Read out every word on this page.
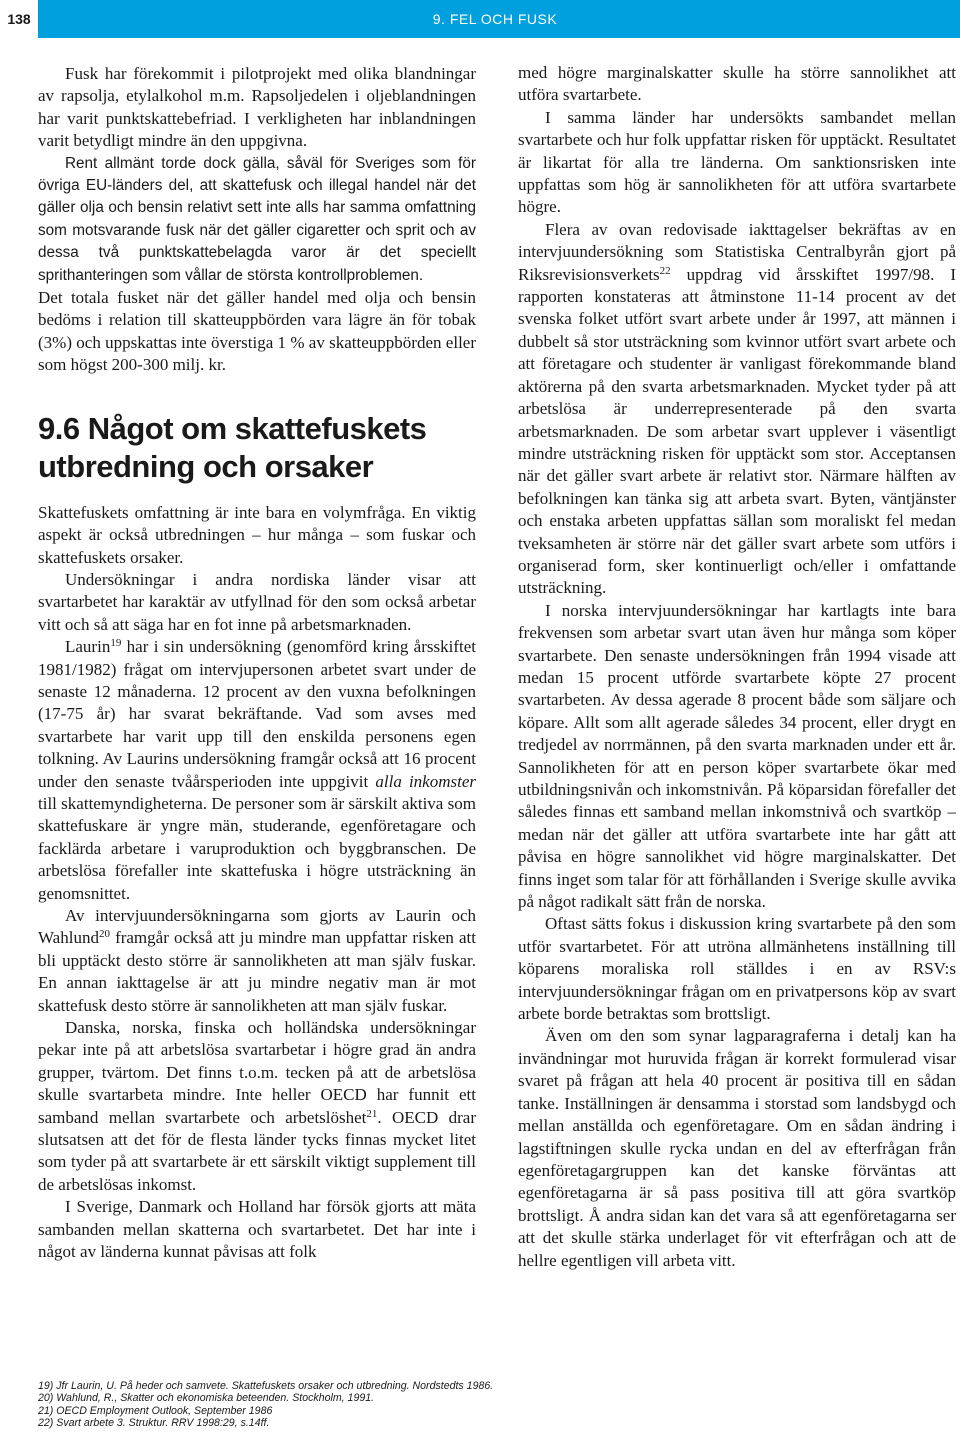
9. FEL OCH FUSK
138

Fusk har förekommit i pilotprojekt med olika blandningar av rapsolja, etylalkohol m.m. Rapsoljedelen i oljeblandningen har varit punktskattebefriad. I verkligheten har inblandningen varit betydligt mindre än den uppgivna.

Rent allmänt torde dock gälla, såväl för Sveriges som för övriga EU-länders del, att skattefusk och illegal handel när det gäller olja och bensin relativt sett inte alls har samma omfattning som motsvarande fusk när det gäller cigaretter och sprit och av dessa två punktskattebelagda varor är det speciellt sprithanteringen som vållar de största kontrollproblemen.

Det totala fusket när det gäller handel med olja och bensin bedöms i relation till skatteuppbörden vara lägre än för tobak (3%) och uppskattas inte överstiga 1 % av skatteuppbörden eller som högst 200-300 milj. kr.

9.6 Något om skattefuskets utbredning och orsaker

Skattefuskets omfattning är inte bara en volymfråga. En viktig aspekt är också utbredningen – hur många – som fuskar och skattefuskets orsaker.

Undersökningar i andra nordiska länder visar att svartarbetet har karaktär av utfyllnad för den som också arbetar vitt och så att säga har en fot inne på arbetsmarknaden.

Laurin$^{19}$ har i sin undersökning (genomförd kring årsskiftet 1981/1982) frågat om intervjupersonen arbetet svart under de senaste 12 månaderna. 12 procent av den vuxna befolkningen (17-75 år) har svarat bekräftande. Vad som avses med svartarbete har varit upp till den enskilda personens egen tolkning. Av Laurins undersökning framgår också att 16 procent under den senaste tvåårsperioden inte uppgivit alla inkomster till skattemyndigheterna. De personer som är särskilt aktiva som skattefuskare är yngre män, studerande, egenföretagare och facklärda arbetare i varuproduktion och byggbranschen. De arbetslösa förefaller inte skattefuska i högre utsträckning än genomsnittet.

Av intervjuundersökningarna som gjorts av Laurin och Wahlund$^{20}$ framgår också att ju mindre man uppfattar risken att bli upptäckt desto större är sannolikheten att man själv fuskar. En annan iakttagelse är att ju mindre negativ man är mot skattefusk desto större är sannolikheten att man själv fuskar.

Danska, norska, finska och holländska undersökningar pekar inte på att arbetslösa svartarbetar i högre grad än andra grupper, tvärtom. Det finns t.o.m. tecken på att de arbetslösa skulle svartarbeta mindre. Inte heller OECD har funnit ett samband mellan svartarbete och arbetslöshet$^{21}$. OECD drar slutsatsen att det för de flesta länder tycks finnas mycket litet som tyder på att svartarbete är ett särskilt viktigt supplement till de arbetslösas inkomst.

I Sverige, Danmark och Holland har försök gjorts att mäta sambanden mellan skatterna och svartarbetet. Det har inte i något av länderna kunnat påvisas att folk

med högre marginalskatter skulle ha större sannolikhet att utföra svartarbete.

I samma länder har undersökts sambandet mellan svartarbete och hur folk uppfattar risken för upptäckt. Resultatet är likartat för alla tre länderna. Om sanktionsrisken inte uppfattas som hög är sannolikheten för att utföra svartarbete högre.

Flera av ovan redovisade iakttagelser bekräftas av en intervjuundersökning som Statistiska Centralbyrån gjort på Riksrevisionsverkets$^{22}$ uppdrag vid årsskiftet 1997/98. I rapporten konstateras att åtminstone 11-14 procent av det svenska folket utfört svart arbete under år 1997, att männen i dubbelt så stor utsträckning som kvinnor utfört svart arbete och att företagare och studenter är vanligast förekommande bland aktörerna på den svarta arbetsmarknaden. Mycket tyder på att arbetslösa är underrepresenterade på den svarta arbetsmarknaden. De som arbetar svart upplever i väsentligt mindre utsträckning risken för upptäckt som stor. Acceptansen när det gäller svart arbete är relativt stor. Närmare hälften av befolkningen kan tänka sig att arbeta svart. Byten, väntjänster och enstaka arbeten uppfattas sällan som moraliskt fel medan tveksamheten är större när det gäller svart arbete som utförs i organiserad form, sker kontinuerligt och/eller i omfattande utsträckning.

I norska intervjuundersökningar har kartlagts inte bara frekvensen som arbetar svart utan även hur många som köper svartarbete. Den senaste undersökningen från 1994 visade att medan 15 procent utförde svartarbete köpte 27 procent svartarbeten. Av dessa agerade 8 procent både som säljare och köpare. Allt som allt agerade således 34 procent, eller drygt en tredjedel av norrmännen, på den svarta marknaden under ett år. Sannolikheten för att en person köper svartarbete ökar med utbildningsnivån och inkomstnivån. På köparsidan förefaller det således finnas ett samband mellan inkomstnivå och svartköp – medan när det gäller att utföra svartarbete inte har gått att påvisa en högre sannolikhet vid högre marginalskatter. Det finns inget som talar för att förhållanden i Sverige skulle avvika på något radikalt sätt från de norska.

Oftast sätts fokus i diskussion kring svartarbete på den som utför svartarbetet. För att utröna allmänhetens inställning till köparens moraliska roll ställdes i en av RSV:s intervjuundersökningar frågan om en privatpersons köp av svart arbete borde betraktas som brottsligt.

Även om den som synar lagparagraferna i detalj kan ha invändningar mot huruvida frågan är korrekt formulerad visar svaret på frågan att hela 40 procent är positiva till en sådan tanke. Inställningen är densamma i storstad som landsbygd och mellan anställda och egenföretagare. Om en sådan ändring i lagstiftningen skulle rycka undan en del av efterfrågan från egenföretagargruppen kan det kanske förväntas att egenföretagarna är så pass positiva till att göra svartköp brottsligt. Å andra sidan kan det vara så att egenföretagarna ser att det skulle stärka underlaget för vit efterfrågan och att de hellre egentligen vill arbeta vitt.

19) Jfr Laurin, U. På heder och samvete. Skattefuskets orsaker och utbredning. Nordstedts 1986.
20) Wahlund, R., Skatter och ekonomiska beteenden. Stockholm, 1991.
21) OECD Employment Outlook, September 1986
22) Svart arbete 3. Struktur. RRV 1998:29, s.14ff.
